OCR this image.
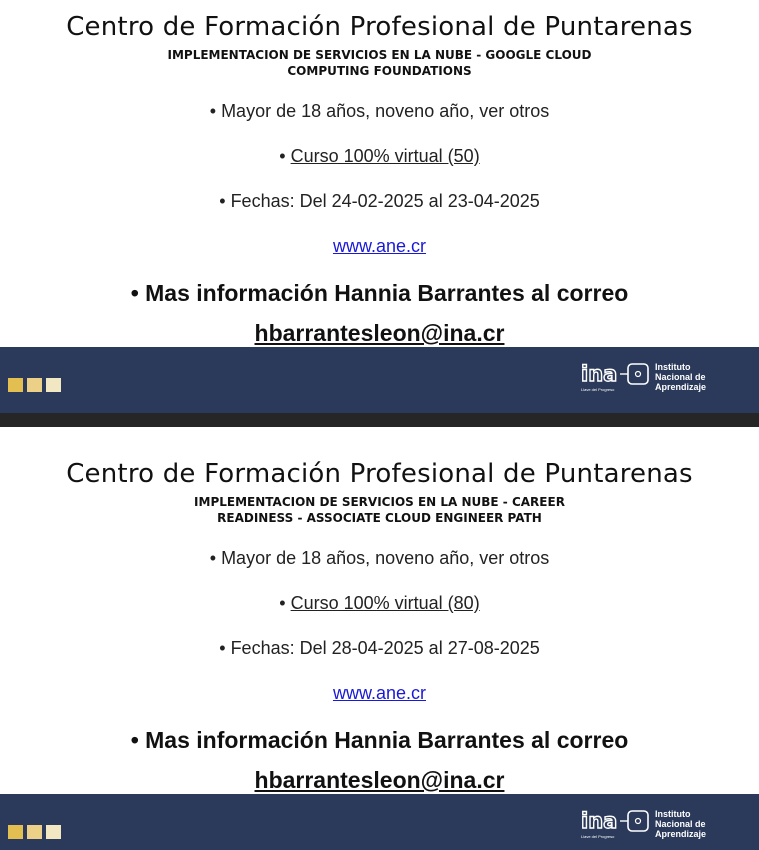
Centro de Formación Profesional de Puntarenas
IMPLEMENTACION DE SERVICIOS EN LA NUBE - GOOGLE CLOUD
COMPUTING FOUNDATIONS
• Mayor de 18 años, noveno año, ver otros
• Curso 100% virtual (50)
• Fechas: Del 24-02-2025 al 23-04-2025
www.ane.cr
• Mas información Hannia Barrantes al correo
hbarrantesleon@ina.cr
ina
Llave del Progreso
Instituto
Nacional de
Aprendizaje
Centro de Formación Profesional de Puntarenas
IMPLEMENTACION DE SERVICIOS EN LA NUBE - CAREER
READINESS - ASSOCIATE CLOUD ENGINEER PATH
• Mayor de 18 años, noveno año, ver otros
• Curso 100% virtual (80)
• Fechas: Del 28-04-2025 al 27-08-2025
www.ane.cr
• Mas información Hannia Barrantes al correo
hbarrantesleon@ina.cr
ina
Llave del Progreso
Instituto
Nacional de
Aprendizaje
